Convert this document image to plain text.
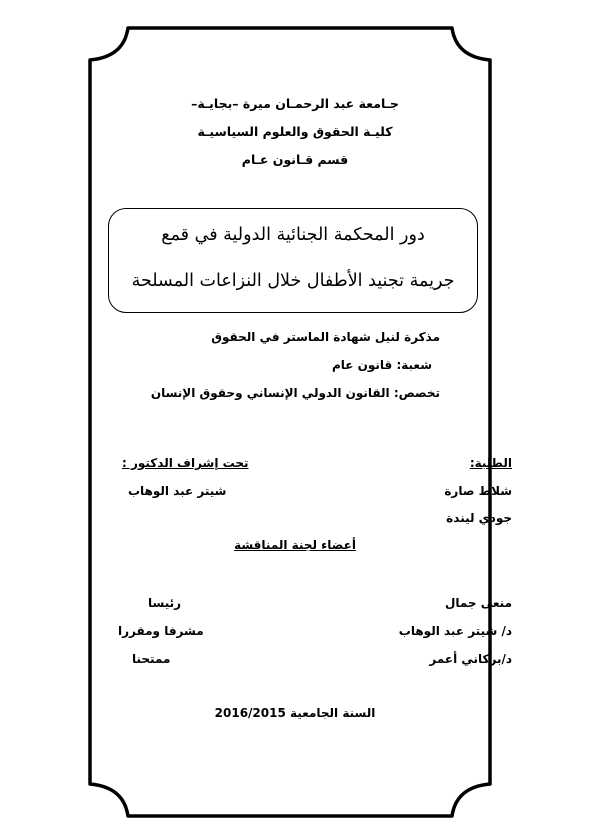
جـامعة عبد الرحمـان ميرة –بجايـة–
كليـة الحقوق والعلوم السياسيـة
قسم قـانون عـام
دور المحكمة الجنائية الدولية في قمع
جريمة تجنيد الأطفال خلال النزاعات المسلحة
مذكرة لنيل شهادة الماستر في الحقوق
شعبة: قانون عام
تخصص: القانون الدولي الإنساني وحقوق الإنسان
الطلبة:
شلاط صارة
جودي ليندة
تحت إشراف الدكتور :
شيتر عبد الوهاب
أعضاء لجنة المناقشة
منعى جمال
رئيسا
د/ شيتر عبد الوهاب
مشرفا ومقررا
د/بركاني أعمر
ممتحنا
السنة الجامعية 2016/2015
